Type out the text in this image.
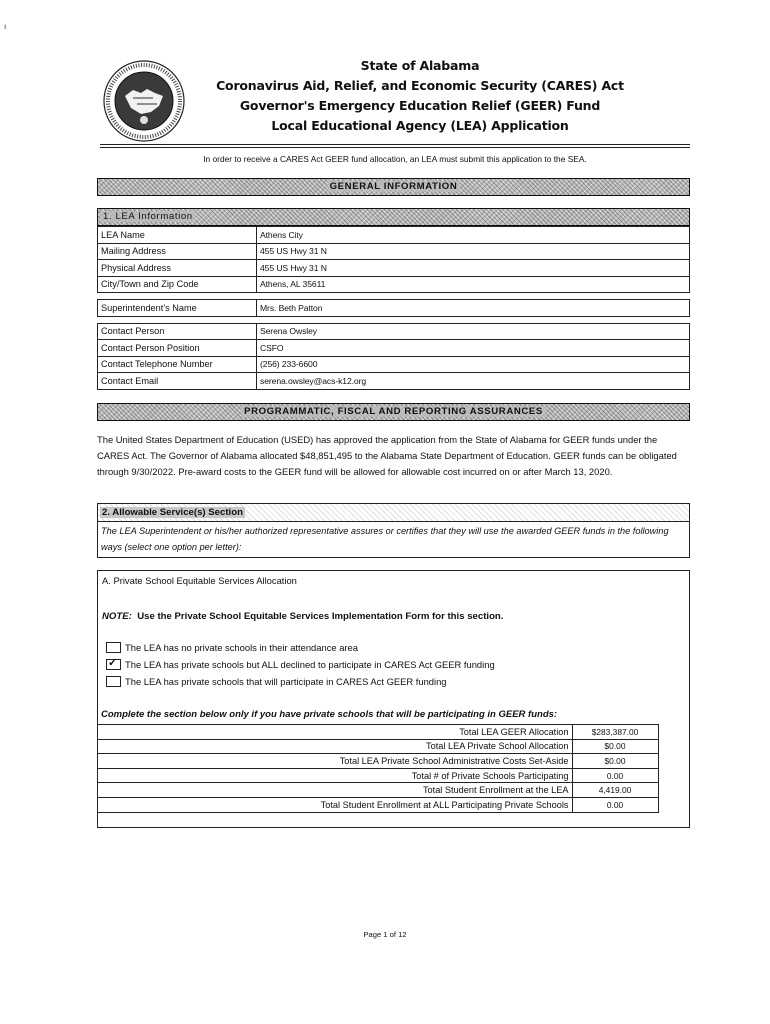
ı
State of Alabama
Coronavirus Aid, Relief, and Economic Security (CARES) Act
Governor's Emergency Education Relief (GEER) Fund
Local Educational Agency (LEA) Application
In order to receive a CARES Act GEER fund allocation, an LEA must submit this application to the SEA.
GENERAL INFORMATION
1. LEA Information
LEA Name	Athens City
Mailing Address	455 US Hwy 31 N
Physical Address	455 US Hwy 31 N
City/Town and Zip Code	Athens, AL 35611

Superintendent's Name	Mrs. Beth Patton

Contact Person	Serena Owsley
Contact Person Position	CSFO
Contact Telephone Number	(256) 233-6600
Contact Email	serena.owsley@acs-k12.org
PROGRAMMATIC, FISCAL AND REPORTING ASSURANCES
The United States Department of Education (USED) has approved the application from the State of Alabama for GEER funds under the CARES Act. The Governor of Alabama allocated $48,851,495 to the Alabama State Department of Education. GEER funds can be obligated through 9/30/2022. Pre-award costs to the GEER fund will be allowed for allowable cost incurred on or after March 13, 2020.
2. Allowable Service(s) Section
The LEA Superintendent or his/her authorized representative assures or certifies that they will use the awarded GEER funds in the following ways (select one option per letter):
A. Private School Equitable Services Allocation
NOTE: Use the Private School Equitable Services Implementation Form for this section.
The LEA has no private schools in their attendance area
✓ The LEA has private schools but ALL declined to participate in CARES Act GEER funding
The LEA has private schools that will participate in CARES Act GEER funding
Complete the section below only if you have private schools that will be participating in GEER funds:
Total LEA GEER Allocation	$283,387.00	
Total LEA Private School Allocation	$0.00	
Total LEA Private School Administrative Costs Set-Aside	$0.00	
Total # of Private Schools Participating	0.00	
Total Student Enrollment at the LEA	4,419.00	
Total Student Enrollment at ALL Participating Private Schools	0.00	
Page 1 of 12
